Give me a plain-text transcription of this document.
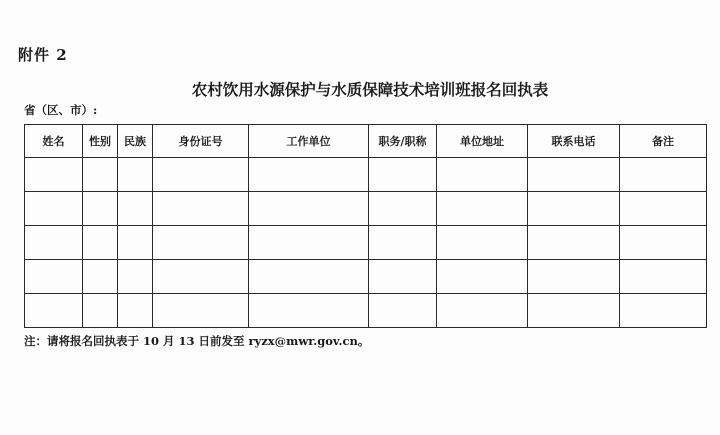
附件 2
农村饮用水源保护与水质保障技术培训班报名回执表
省（区、市）:
姓名	性别	民族	身份证号	工作单位	职务/职称	单位地址	联系电话	备注

注：请将报名回执表于 10 月 13 日前发至 ryzx@mwr.gov.cn。
